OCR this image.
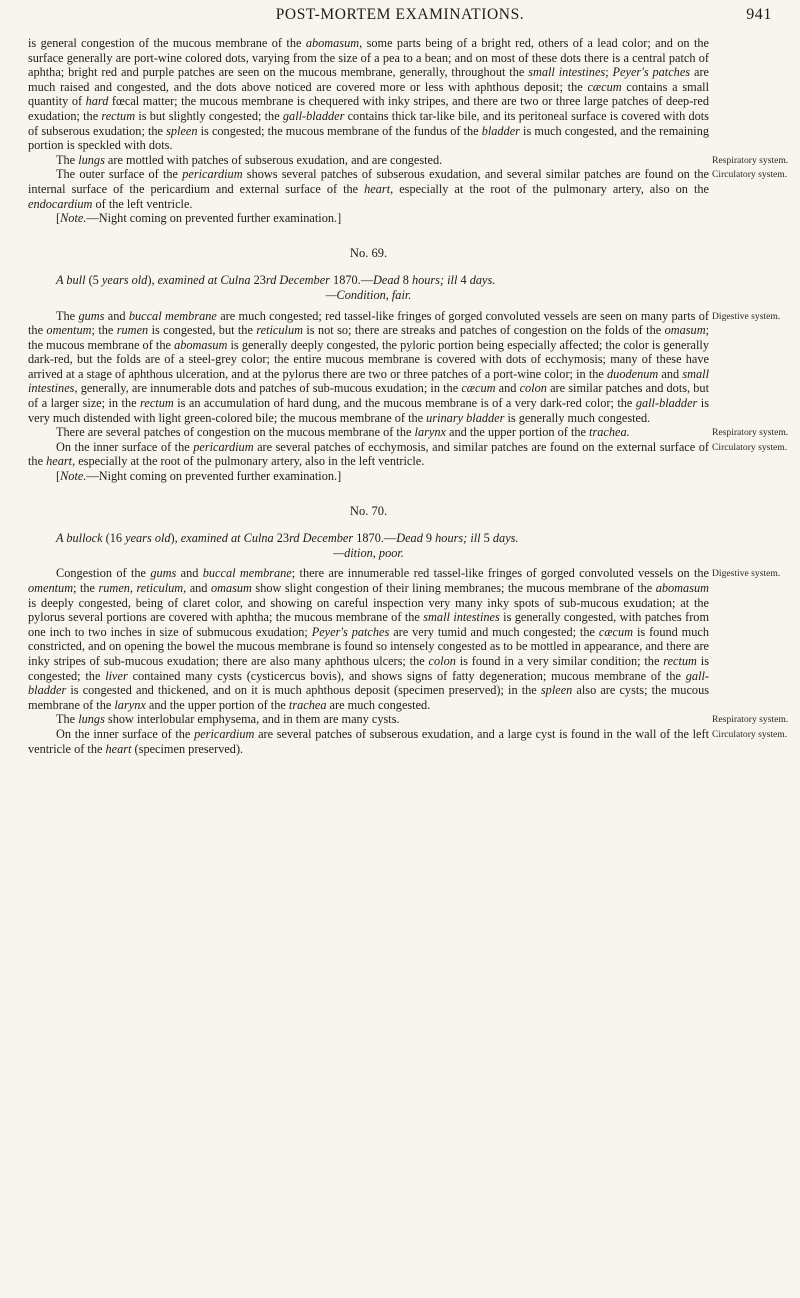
POST-MORTEM EXAMINATIONS.	941

is general congestion of the mucous membrane of the abomasum, some parts being of a bright red, others of a lead color; and on the surface generally are port-wine colored dots, varying from the size of a pea to a bean; and on most of these dots there is a central patch of aphtha; bright red and purple patches are seen on the mucous membrane, generally, throughout the small intestines; Peyer's patches are much raised and congested, and the dots above noticed are covered more or less with aphthous deposit; the cæcum contains a small quantity of hard fœcal matter; the mucous membrane is chequered with inky stripes, and there are two or three large patches of deep-red exudation; the rectum is but slightly congested; the gall-bladder contains thick tar-like bile, and its peritoneal surface is covered with dots of subserous exudation; the spleen is congested; the mucous membrane of the fundus of the bladder is much congested, and the remaining portion is speckled with dots.

The lungs are mottled with patches of subserous exudation, and are congested.

The outer surface of the pericardium shows several patches of subserous exudation, and several similar patches are found on the internal surface of the pericardium and external surface of the heart, especially at the root of the pulmonary artery, also on the endocardium of the left ventricle.

[Note.—Night coming on prevented further examination.]

No. 69.

A bull (5 years old), examined at Culna 23rd December 1870.—Dead 8 hours; ill 4 days.

—Condition, fair.

The gums and buccal membrane are much congested; red tassel-like fringes of gorged convoluted vessels are seen on many parts of the omentum; the rumen is congested, but the reticulum is not so; there are streaks and patches of congestion on the folds of the omasum; the mucous membrane of the abomasum is generally deeply congested, the pyloric portion being especially affected; the color is generally dark-red, but the folds are of a steel-grey color; the entire mucous membrane is covered with dots of ecchymosis; many of these have arrived at a stage of aphthous ulceration, and at the pylorus there are two or three patches of a port-wine color; in the duodenum and small intestines, generally, are innumerable dots and patches of sub-mucous exudation; in the cæcum and colon are similar patches and dots, but of a larger size; in the rectum is an accumulation of hard dung, and the mucous membrane is of a very dark-red color; the gall-bladder is very much distended with light green-colored bile; the mucous membrane of the urinary bladder is generally much congested.

There are several patches of congestion on the mucous membrane of the larynx and the upper portion of the trachea.

On the inner surface of the pericardium are several patches of ecchymosis, and similar patches are found on the external surface of the heart, especially at the root of the pulmonary artery, also in the left ventricle.

[Note.—Night coming on prevented further examination.]

No. 70.

A bullock (16 years old), examined at Culna 23rd December 1870.—Dead 9 hours; ill 5 days.

—dition, poor.

Congestion of the gums and buccal membrane; there are innumerable red tassel-like fringes of gorged convoluted vessels on the omentum; the rumen, reticulum, and omasum show slight congestion of their lining membranes; the mucous membrane of the abomasum is deeply congested, being of claret color, and showing on careful inspection very many inky spots of sub-mucous exudation; at the pylorus several portions are covered with aphtha; the mucous membrane of the small intestines is generally congested, with patches from one inch to two inches in size of submucous exudation; Peyer's patches are very tumid and much congested; the cæcum is found much constricted, and on opening the bowel the mucous membrane is found so intensely congested as to be mottled in appearance, and there are inky stripes of sub-mucous exudation; there are also many aphthous ulcers; the colon is found in a very similar condition; the rectum is congested; the liver contained many cysts (cysticercus bovis), and shows signs of fatty degeneration; mucous membrane of the gall-bladder is congested and thickened, and on it is much aphthous deposit (specimen preserved); in the spleen also are cysts; the mucous membrane of the larynx and the upper portion of the trachea are much congested.

The lungs show interlobular emphysema, and in them are many cysts.

On the inner surface of the pericardium are several patches of subserous exudation, and a large cyst is found in the wall of the left ventricle of the heart (specimen preserved).

Respiratory system.
Circulatory system.
Digestive system.
Respiratory system.
Circulatory system.
Digestive system.
Respiratory system.
Circulatory system.
